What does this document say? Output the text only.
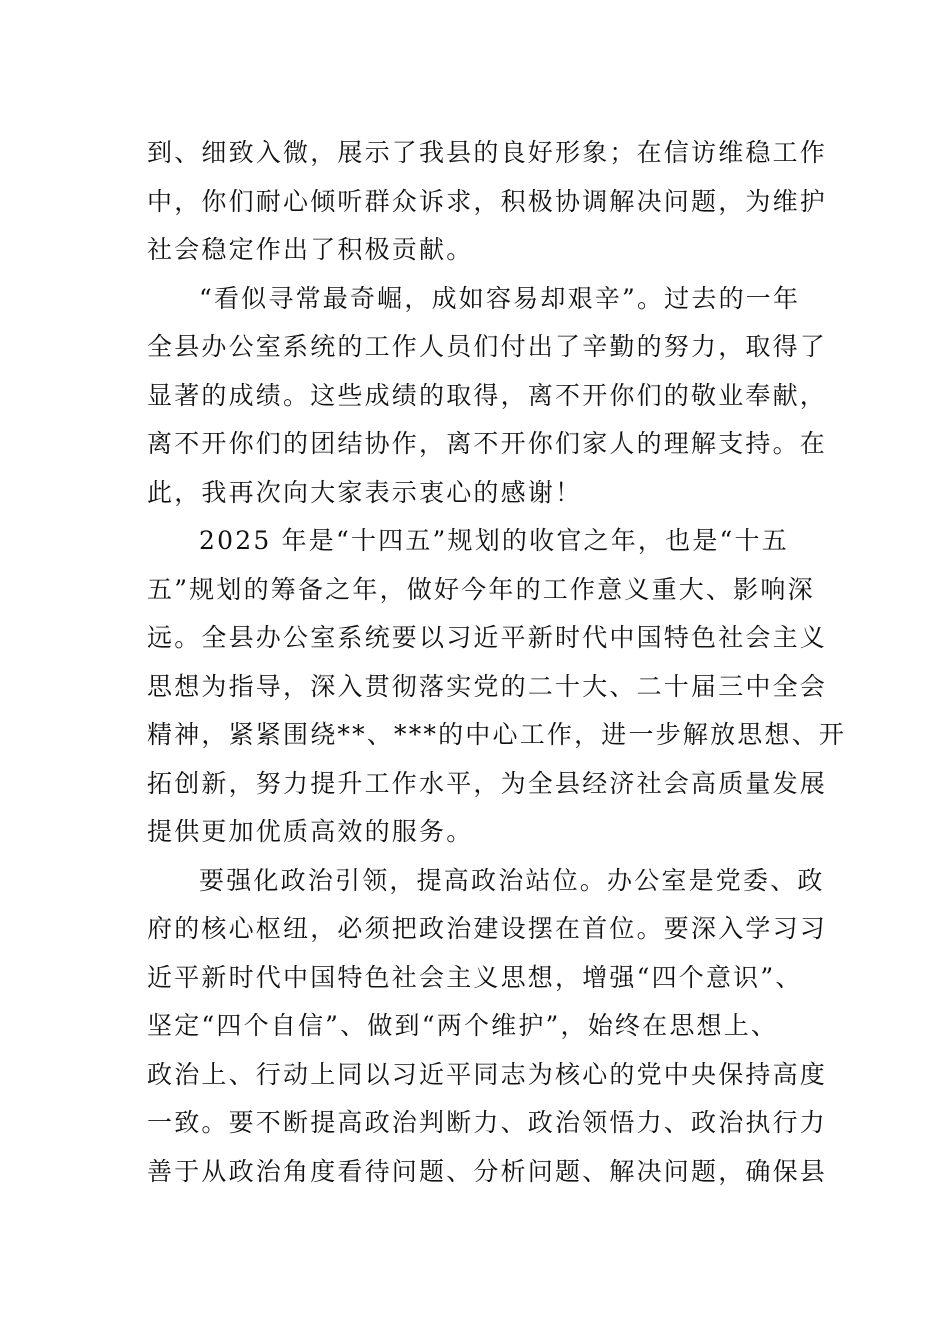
到、细致入微，展示了我县的良好形象；在信访维稳工作
中，你们耐心倾听群众诉求，积极协调解决问题，为维护
社会稳定作出了积极贡献。
“看似寻常最奇崛，成如容易却艰辛”。过去的一年
全县办公室系统的工作人员们付出了辛勤的努力，取得了
显著的成绩。这些成绩的取得，离不开你们的敬业奉献，
离不开你们的团结协作，离不开你们家人的理解支持。在
此，我再次向大家表示衷心的感谢！
2025 年是“十四五”规划的收官之年，也是“十五
五”规划的筹备之年，做好今年的工作意义重大、影响深
远。全县办公室系统要以习近平新时代中国特色社会主义
思想为指导，深入贯彻落实党的二十大、二十届三中全会
精神，紧紧围绕**、***的中心工作，进一步解放思想、开
拓创新，努力提升工作水平，为全县经济社会高质量发展
提供更加优质高效的服务。
要强化政治引领，提高政治站位。办公室是党委、政
府的核心枢纽，必须把政治建设摆在首位。要深入学习习
近平新时代中国特色社会主义思想，增强“四个意识”、
坚定“四个自信”、做到“两个维护”，始终在思想上、
政治上、行动上同以习近平同志为核心的党中央保持高度
一致。要不断提高政治判断力、政治领悟力、政治执行力
善于从政治角度看待问题、分析问题、解决问题，确保县
